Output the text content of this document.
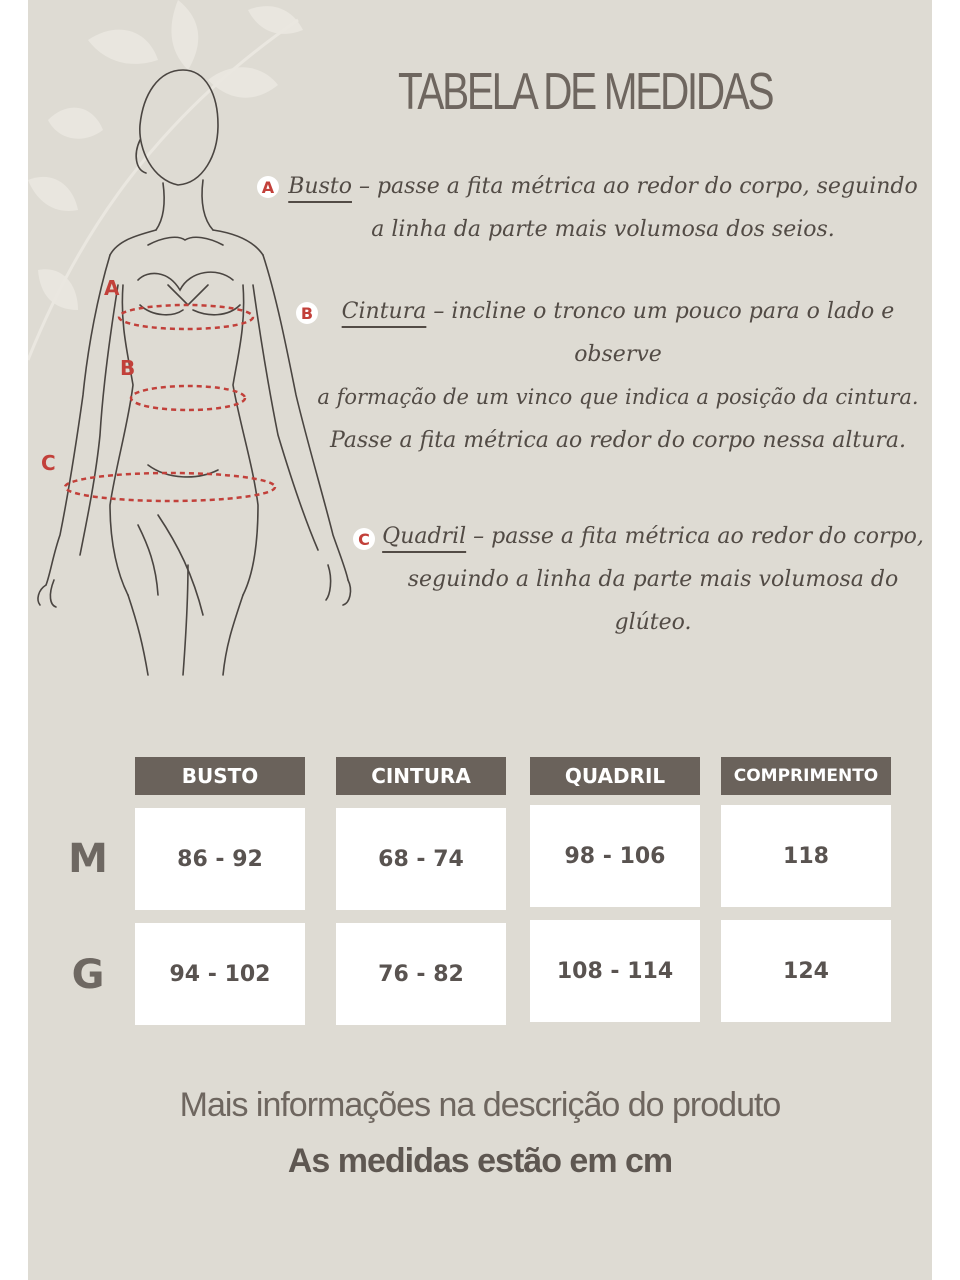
A
B
C
TABELA DE MEDIDAS
A Busto – passe a fita métrica ao redor do corpo, seguindo
a linha da parte mais volumosa dos seios.
B	Cintura – incline o tronco um pouco para o lado e
observe
a formação de um vinco que indica a posição da cintura.
Passe a fita métrica ao redor do corpo nessa altura.
C Quadril – passe a fita métrica ao redor do corpo,
seguindo a linha da parte mais volumosa do
glúteo.
BUSTO	CINTURA	QUADRIL	COMPRIMENTO
M	86 - 92	68 - 74	98 - 106	118
G	94 - 102	76 - 82	108 - 114	124
Mais informações na descrição do produto
As medidas estão em cm
